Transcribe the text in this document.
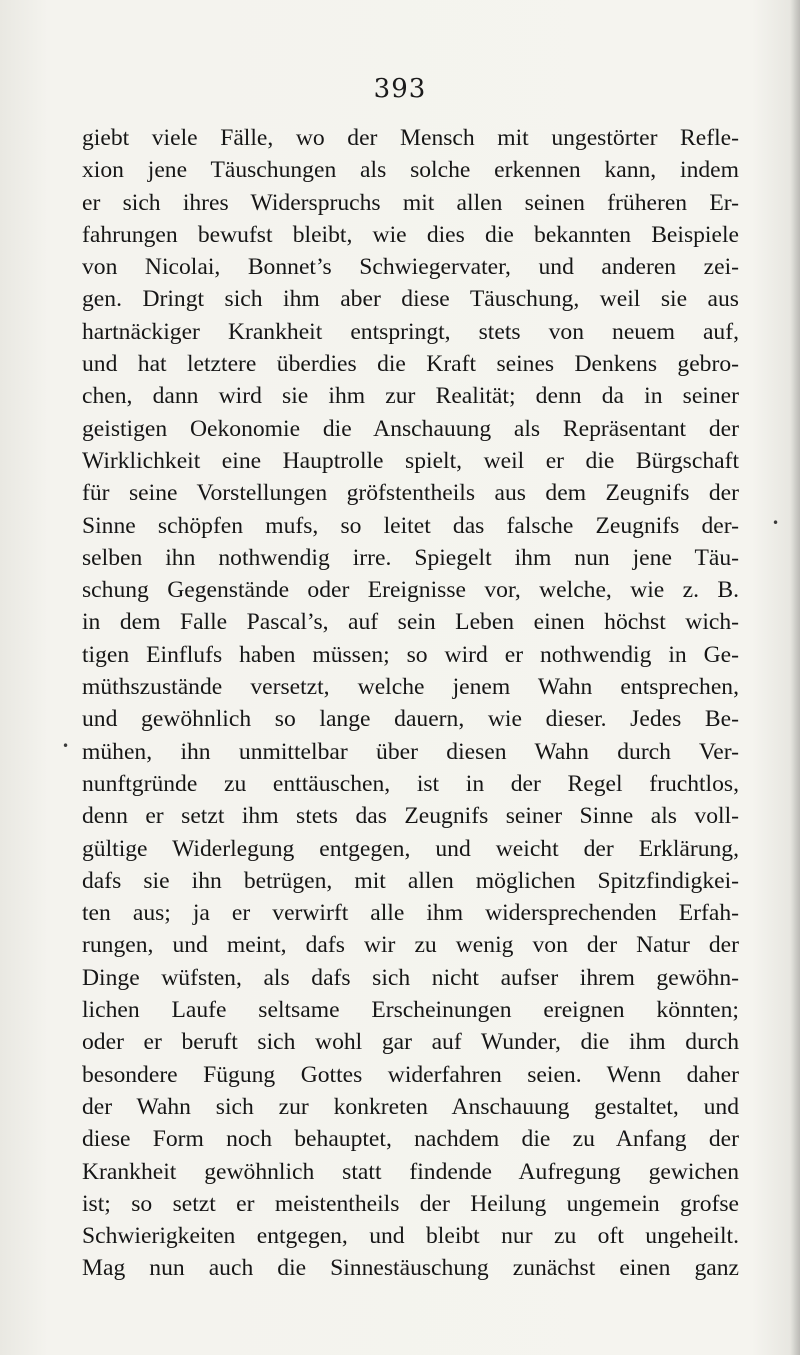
393
giebt viele Fälle, wo der Mensch mit ungestörter Refle-
xion jene Täuschungen als solche erkennen kann, indem
er sich ihres Widerspruchs mit allen seinen früheren Er-
fahrungen bewufst bleibt, wie dies die bekannten Beispiele
von Nicolai, Bonnet’s Schwiegervater, und anderen zei-
gen. Dringt sich ihm aber diese Täuschung, weil sie aus
hartnäckiger Krankheit entspringt, stets von neuem auf,
und hat letztere überdies die Kraft seines Denkens gebro-
chen, dann wird sie ihm zur Realität; denn da in seiner
geistigen Oekonomie die Anschauung als Repräsentant der
Wirklichkeit eine Hauptrolle spielt, weil er die Bürgschaft
für seine Vorstellungen gröfstentheils aus dem Zeugnifs der
Sinne schöpfen mufs, so leitet das falsche Zeugnifs der-
selben ihn nothwendig irre. Spiegelt ihm nun jene Täu-
schung Gegenstände oder Ereignisse vor, welche, wie z. B.
in dem Falle Pascal’s, auf sein Leben einen höchst wich-
tigen Einflufs haben müssen; so wird er nothwendig in Ge-
müthszustände versetzt, welche jenem Wahn entsprechen,
und gewöhnlich so lange dauern, wie dieser. Jedes Be-
mühen, ihn unmittelbar über diesen Wahn durch Ver-
nunftgründe zu enttäuschen, ist in der Regel fruchtlos,
denn er setzt ihm stets das Zeugnifs seiner Sinne als voll-
gültige Widerlegung entgegen, und weicht der Erklärung,
dafs sie ihn betrügen, mit allen möglichen Spitzfindigkei-
ten aus; ja er verwirft alle ihm widersprechenden Erfah-
rungen, und meint, dafs wir zu wenig von der Natur der
Dinge wüfsten, als dafs sich nicht aufser ihrem gewöhn-
lichen Laufe seltsame Erscheinungen ereignen könnten;
oder er beruft sich wohl gar auf Wunder, die ihm durch
besondere Fügung Gottes widerfahren seien. Wenn daher
der Wahn sich zur konkreten Anschauung gestaltet, und
diese Form noch behauptet, nachdem die zu Anfang der
Krankheit gewöhnlich statt findende Aufregung gewichen
ist; so setzt er meistentheils der Heilung ungemein grofse
Schwierigkeiten entgegen, und bleibt nur zu oft ungeheilt.
Mag nun auch die Sinnestäuschung zunächst einen ganz
•
•
